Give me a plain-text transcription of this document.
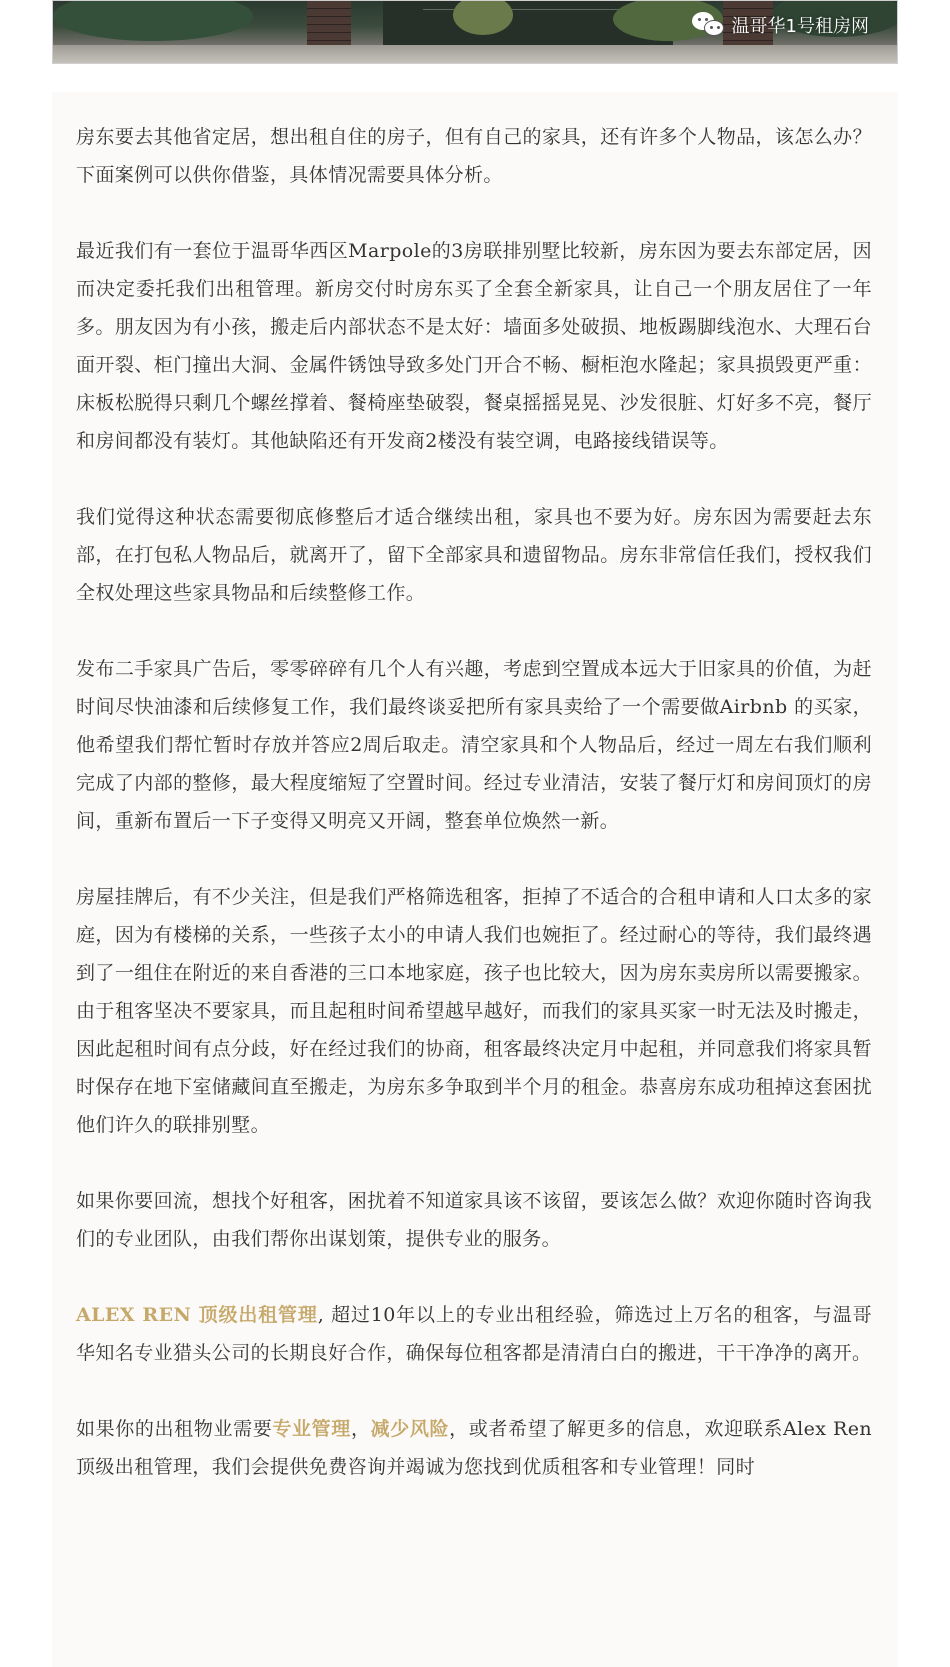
温哥华1号租房网

房东要去其他省定居，想出租自住的房子，但有自己的家具，还有许多个人物品，该怎么办？下面案例可以供你借鉴，具体情况需要具体分析。

最近我们有一套位于温哥华西区Marpole的3房联排别墅比较新，房东因为要去东部定居，因而决定委托我们出租管理。新房交付时房东买了全套全新家具，让自己一个朋友居住了一年多。朋友因为有小孩，搬走后内部状态不是太好：墙面多处破损、地板踢脚线泡水、大理石台面开裂、柜门撞出大洞、金属件锈蚀导致多处门开合不畅、橱柜泡水隆起；家具损毁更严重：床板松脱得只剩几个螺丝撑着、餐椅座垫破裂，餐桌摇摇晃晃、沙发很脏、灯好多不亮，餐厅和房间都没有装灯。其他缺陷还有开发商2楼没有装空调，电路接线错误等。

我们觉得这种状态需要彻底修整后才适合继续出租，家具也不要为好。房东因为需要赶去东部，在打包私人物品后，就离开了，留下全部家具和遗留物品。房东非常信任我们，授权我们全权处理这些家具物品和后续整修工作。

发布二手家具广告后，零零碎碎有几个人有兴趣，考虑到空置成本远大于旧家具的价值，为赶时间尽快油漆和后续修复工作，我们最终谈妥把所有家具卖给了一个需要做Airbnb 的买家，他希望我们帮忙暂时存放并答应2周后取走。清空家具和个人物品后，经过一周左右我们顺利完成了内部的整修，最大程度缩短了空置时间。经过专业清洁，安装了餐厅灯和房间顶灯的房间，重新布置后一下子变得又明亮又开阔，整套单位焕然一新。

房屋挂牌后，有不少关注，但是我们严格筛选租客，拒掉了不适合的合租申请和人口太多的家庭，因为有楼梯的关系，一些孩子太小的申请人我们也婉拒了。经过耐心的等待，我们最终遇到了一组住在附近的来自香港的三口本地家庭，孩子也比较大，因为房东卖房所以需要搬家。由于租客坚决不要家具，而且起租时间希望越早越好，而我们的家具买家一时无法及时搬走，因此起租时间有点分歧，好在经过我们的协商，租客最终决定月中起租，并同意我们将家具暂时保存在地下室储藏间直至搬走，为房东多争取到半个月的租金。恭喜房东成功租掉这套困扰他们许久的联排别墅。

如果你要回流，想找个好租客，困扰着不知道家具该不该留，要该怎么做？欢迎你随时咨询我们的专业团队，由我们帮你出谋划策，提供专业的服务。

ALEX REN 顶级出租管理, 超过10年以上的专业出租经验，筛选过上万名的租客，与温哥华知名专业猎头公司的长期良好合作，确保每位租客都是清清白白的搬进，干干净净的离开。

如果你的出租物业需要专业管理，减少风险，或者希望了解更多的信息，欢迎联系Alex Ren顶级出租管理，我们会提供免费咨询并竭诚为您找到优质租客和专业管理！同时
